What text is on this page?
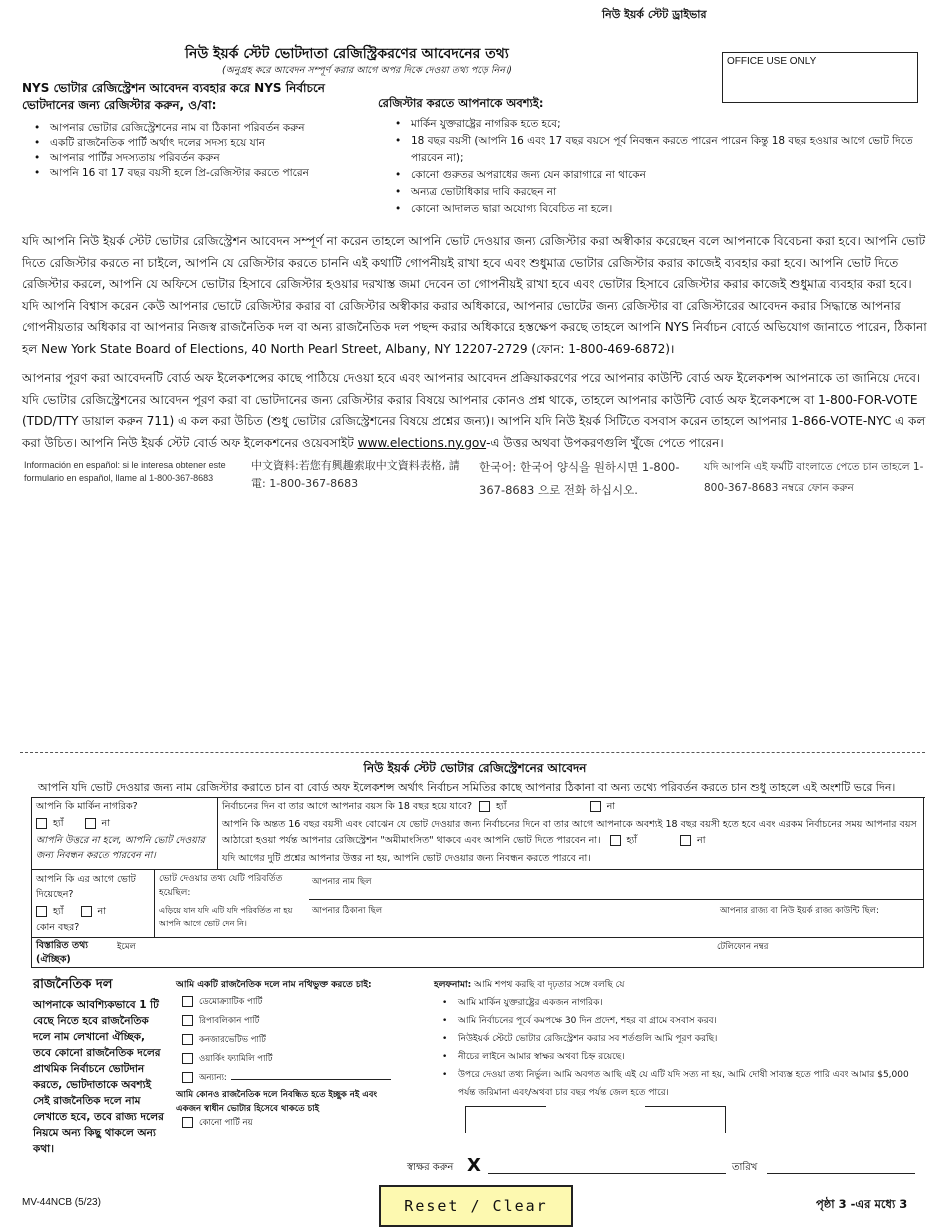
নিউ ইয়র্ক স্টেট ড্রাইভার
নিউ ইয়র্ক স্টেট ভোটদাতা রেজিস্ট্রিকরণের আবেদনের তথ্য
(অনুগ্রহ করে আবেদন সম্পূর্ণ করার আগে অপর দিকে দেওয়া তথ্য পড়ে নিন।)
OFFICE USE ONLY
NYS ভোটার রেজিস্ট্রেশন আবেদন ব্যবহার করে NYS নির্বাচনে ভোটদানের জন্য রেজিস্টার করুন, ও/বা:
• আপনার ভোটার রেজিস্ট্রেশনের নাম বা ঠিকানা পরিবর্তন করুন
• একটি রাজনৈতিক পার্টি অর্থাৎ দলের সদস্য হয়ে যান
• আপনার পার্টির সদস্যতায় পরিবর্তন করুন
• আপনি 16 বা 17 বছর বয়সী হলে প্রি-রেজিস্টার করতে পারেন
রেজিস্টার করতে আপনাকে অবশ্যই:
• মার্কিন যুক্তরাষ্ট্রের নাগরিক হতে হবে;
• 18 বছর বয়সী (আপনি 16 এবং 17 বছর বয়সে পূর্ব নিবন্ধন করতে পারেন পারেন কিন্তু 18 বছর হওয়ার আগে ভোট দিতে পারবেন না);
• কোনো গুরুতর অপরাধের জন্য যেন কারাগারে না থাকেন
• অন্যত্র ভোটাধিকার দাবি করছেন না
• কোনো আদালত দ্বারা অযোগ্য বিবেচিত না হলে।
যদি আপনি নিউ ইয়র্ক স্টেট ভোটার রেজিস্ট্রেশন আবেদন সম্পূর্ণ না করেন তাহলে আপনি ভোট দেওয়ার জন্য রেজিস্টার করা অস্বীকার করেছেন বলে আপনাকে বিবেচনা করা হবে। আপনি ভোট দিতে রেজিস্টার করতে না চাইলে, আপনি যে রেজিস্টার করতে চাননি এই কথাটি গোপনীয়ই রাখা হবে এবং শুধুমাত্র ভোটার রেজিস্টার করার কাজেই ব্যবহার করা হবে। আপনি ভোট দিতে রেজিস্টার করলে, আপনি যে অফিসে ভোটার হিসাবে রেজিস্টার হওয়ার দরখাস্ত জমা দেবেন তা গোপনীয়ই রাখা হবে এবং ভোটার হিসাবে রেজিস্টার করার কাজেই শুধুমাত্র ব্যবহার করা হবে। যদি আপনি বিশ্বাস করেন কেউ আপনার ভোটে রেজিস্টার করার বা রেজিস্টার অস্বীকার করার অধিকারে, আপনার ভোটের জন্য রেজিস্টার বা রেজিস্টারের আবেদন করার সিদ্ধান্তে আপনার গোপনীয়তার অধিকার বা আপনার নিজস্ব রাজনৈতিক দল বা অন্য রাজনৈতিক দল পছন্দ করার অধিকারে হস্তক্ষেপ করছে তাহলে আপনি NYS নির্বাচন বোর্ডে অভিযোগ জানাতে পারেন, ঠিকানা হল New York State Board of Elections, 40 North Pearl Street, Albany, NY 12207-2729 (ফোন: 1-800-469-6872)।
আপনার পূরণ করা আবেদনটি বোর্ড অফ ইলেকশন্সের কাছে পাঠিয়ে দেওয়া হবে এবং আপনার আবেদন প্রক্রিয়াকরণের পরে আপনার কাউন্টি বোর্ড অফ ইলেকশন্স আপনাকে তা জানিয়ে দেবে। যদি ভোটার রেজিস্ট্রেশনের আবেদন পূরণ করা বা ভোটদানের জন্য রেজিস্টার করার বিষয়ে আপনার কোনও প্রশ্ন থাকে, তাহলে আপনার কাউন্টি বোর্ড অফ ইলেকশন্সে বা 1-800-FOR-VOTE (TDD/TTY ডায়াল করুন 711) এ কল করা উচিত (শুধু ভোটার রেজিস্ট্রেশনের বিষয়ে প্রশ্নের জন্য)। আপনি যদি নিউ ইয়র্ক সিটিতে বসবাস করেন তাহলে আপনার 1-866-VOTE-NYC এ কল করা উচিত। আপনি নিউ ইয়র্ক স্টেট বোর্ড অফ ইলেকশনের ওয়েবসাইট www.elections.ny.gov-এ উত্তর অথবা উপকরণগুলি খুঁজে পেতে পারেন।
Información en español: si le interesa obtener este formulario en español, llame al 1-800-367-8683
中文資料:若您有興趣索取中文資料表格, 請電: 1-800-367-8683
한국어: 한국어 양식을 원하시면 1-800-367-8683 으로 전화 하십시오.
যদি আপনি এই ফর্মটি বাংলাতে পেতে চান তাহলে 1-800-367-8683 নম্বরে ফোন করুন
নিউ ইয়র্ক স্টেট ভোটার রেজিস্ট্রেশনের আবেদন
আপনি যদি ভোট দেওয়ার জন্য নাম রেজিস্টার করাতে চান বা বোর্ড অফ ইলেকশন্স অর্থাৎ নির্বাচন সমিতির কাছে আপনার ঠিকানা বা অন্য তথ্যে পরিবর্তন করতে চান শুধু তাহলে এই অংশটি ভরে দিন।
আপনি কি মার্কিন নাগরিক?
হ্যাঁ	না
আপনি উত্তরে না হলে, আপনি ভোট দেওয়ার জন্য নিবন্ধন করতে পারবেন না।
নির্বাচনের দিন বা তার আগে আপনার বয়স কি 18 বছর হয়ে যাবে?	হ্যাঁ	না
আপনি কি অন্তত 16 বছর বয়সী এবং বোঝেন যে ভোট দেওয়ার জন্য নির্বাচনের দিনে বা তার আগে আপনাকে অবশ্যই 18 বছর বয়সী হতে হবে এবং এরকম নির্বাচনের সময় আপনার বয়স আঠারো হওয়া পর্যন্ত আপনার রেজিস্ট্রেশন "অমীমাংসিত" থাকবে এবং আপনি ভোট দিতে পারবেন না।	হ্যাঁ	না
যদি আগের দুটি প্রশ্নের আপনার উত্তর না হয়, আপনি ভোট দেওয়ার জন্য নিবন্ধন করতে পারবে না।
আপনি কি এর আগে ভোট দিয়েছেন?
হ্যাঁ	না
কোন বছর?
ভোট দেওয়ার তথ্য যেটি পরিবর্তিত হয়েছিল:
এড়িয়ে যান যদি এটি যদি পরিবর্তিত না হয় আপনি আগে ভোট দেন নি।
আপনার নাম ছিল
আপনার ঠিকানা ছিল	আপনার রাজ্য বা নিউ ইয়র্ক রাজ্য কাউন্টি ছিল:
বিস্তারিত তথ্য (ঐচ্ছিক)
ইমেল	টেলিফোন নম্বর
রাজনৈতিক দল
আপনাকে আবশ্যিকভাবে 1 টি বেছে নিতে হবে রাজনৈতিক দলে নাম লেখানো ঐচ্ছিক, তবে কোনো রাজনৈতিক দলের প্রাথমিক নির্বাচনে ভোটদান করতে, ভোটদাতাকে অবশ্যই সেই রাজনৈতিক দলে নাম লেখাতে হবে, তবে রাজ্য দলের নিয়মে অন্য কিছু থাকলে অন্য কথা।
আমি একটি রাজনৈতিক দলে নাম নথিভুক্ত করতে চাই:
ডেমোক্র্যাটিক পার্টি
রিপাবলিকান পার্টি
কনজারভেটিভ পার্টি
ওয়ার্কিং ফ্যামিলি পার্টি
অন্যান্য:
আমি কোনও রাজনৈতিক দলে নিবন্ধিত হতে ইচ্ছুক নই এবং একজন স্বাধীন ভোটার হিসেবে থাকতে চাই
কোনো পার্টি নয়
হলফনামা: আমি শপথ করছি বা দৃঢ়তার সঙ্গে বলছি যে
• আমি মার্কিন যুক্তরাষ্ট্রের একজন নাগরিক।
• আমি নির্বাচনের পূর্বে কমপক্ষে 30 দিন প্রদেশ, শহর বা গ্রামে বসবাস করব।
• নিউইয়র্ক স্টেটে ভোটার রেজিস্ট্রেশন করার সব শর্তগুলি আমি পূরণ করছি।
• নীচের লাইনে আমার স্বাক্ষর অথবা চিহ্ন রয়েছে।
• উপরে দেওয়া তথ্য নির্ভুল। আমি অবগত আছি এই যে এটি যদি সত্য না হয়, আমি দোষী সাব্যস্ত হতে পারি এবং আমার $5,000 পর্যন্ত জরিমানা এবং/অথবা চার বছর পর্যন্ত জেল হতে পারে।
স্বাক্ষর করুন X	তারিখ
MV-44NCB (5/23)	Reset / Clear	পৃষ্ঠা 3 -এর মধ্যে 3
